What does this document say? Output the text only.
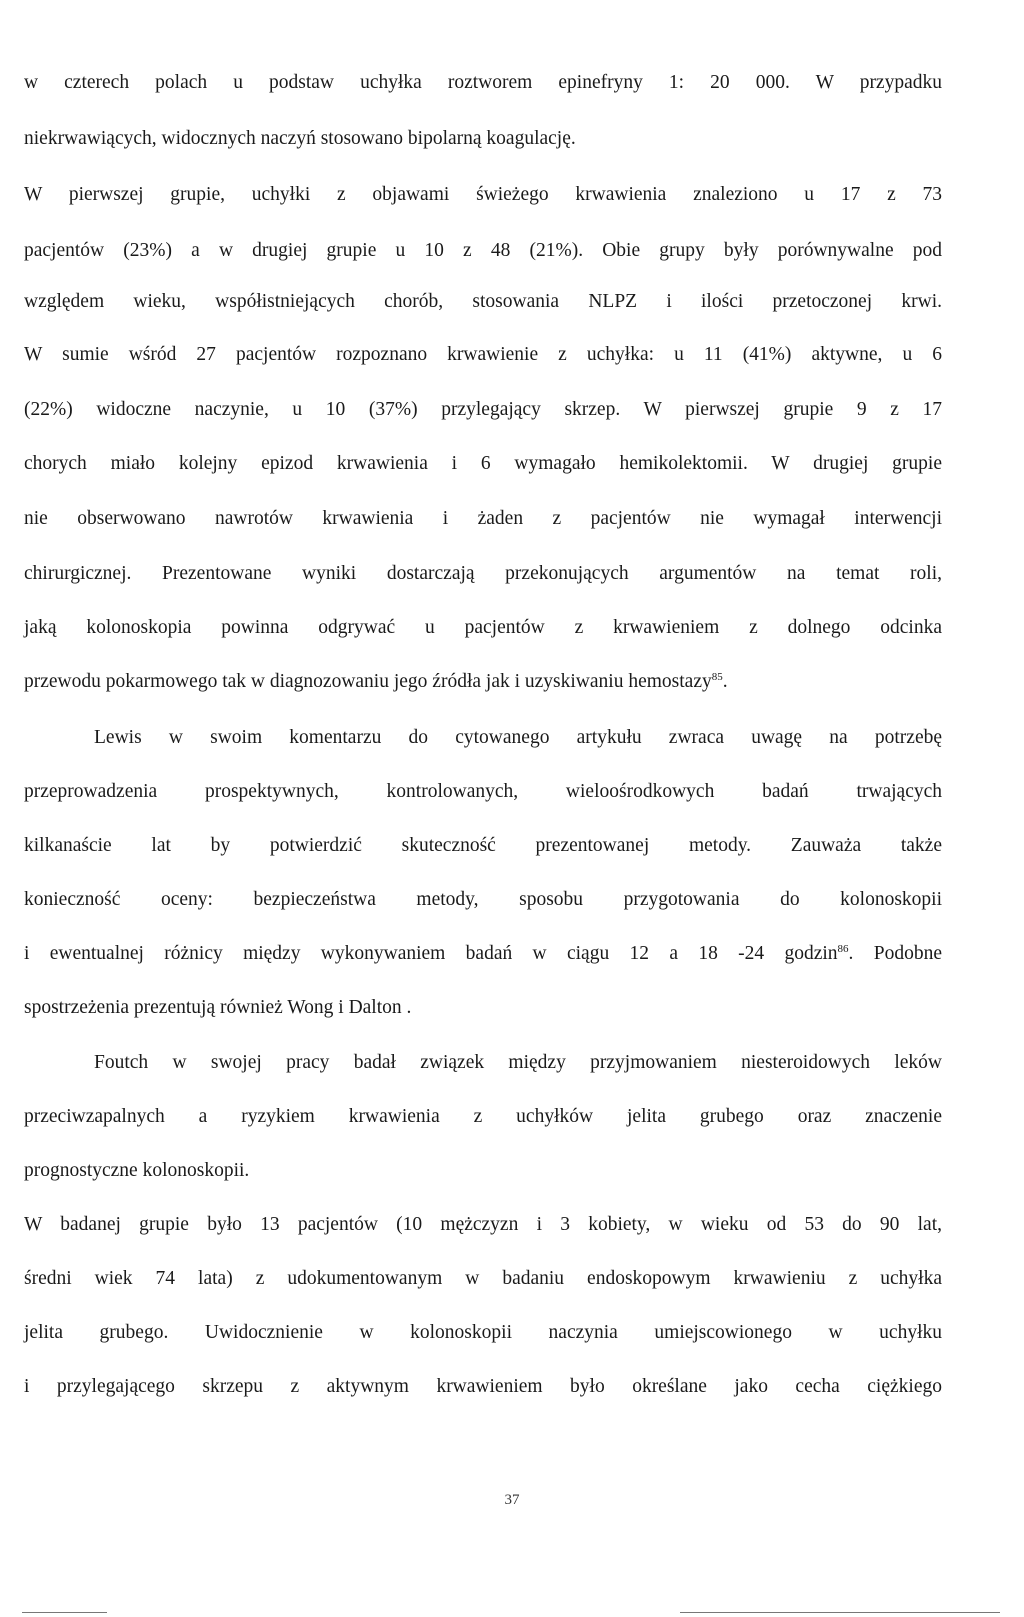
w czterech polach u podstaw uchyłka roztworem epinefryny 1: 20 000. W przypadku
niekrwawiących, widocznych naczyń stosowano bipolarną koagulację.
W pierwszej grupie, uchyłki z objawami świeżego krwawienia znaleziono u 17 z 73
pacjentów (23%) a w drugiej grupie u 10 z 48 (21%). Obie grupy były porównywalne pod
względem wieku, współistniejących chorób, stosowania NLPZ i ilości przetoczonej krwi.
W sumie wśród 27 pacjentów rozpoznano krwawienie z uchyłka: u 11 (41%) aktywne, u 6
(22%) widoczne naczynie, u 10 (37%) przylegający skrzep. W pierwszej grupie 9 z 17
chorych miało kolejny epizod krwawienia i 6 wymagało hemikolektomii. W drugiej grupie
nie obserwowano nawrotów krwawienia i żaden z pacjentów nie wymagał interwencji
chirurgicznej. Prezentowane wyniki dostarczają przekonujących argumentów na temat roli,
jaką kolonoskopia powinna odgrywać u pacjentów z krwawieniem z dolnego odcinka
przewodu pokarmowego tak w diagnozowaniu jego źródła jak i uzyskiwaniu hemostazy$^{85}$.
Lewis w swoim komentarzu do cytowanego artykułu zwraca uwagę na potrzebę
przeprowadzenia prospektywnych, kontrolowanych, wieloośrodkowych badań trwających
kilkanaście lat by potwierdzić skuteczność prezentowanej metody. Zauważa także
konieczność oceny: bezpieczeństwa metody, sposobu przygotowania do kolonoskopii
i ewentualnej różnicy między wykonywaniem badań w ciągu 12 a 18 -24 godzin$^{86}$. Podobne
spostrzeżenia prezentują również Wong i Dalton .
Foutch w swojej pracy badał związek między przyjmowaniem niesteroidowych leków
przeciwzapalnych a ryzykiem krwawienia z uchyłków jelita grubego oraz znaczenie
prognostyczne kolonoskopii.
W badanej grupie było 13 pacjentów (10 mężczyzn i 3 kobiety, w wieku od 53 do 90 lat,
średni wiek 74 lata) z udokumentowanym w badaniu endoskopowym krwawieniu z uchyłka
jelita grubego. Uwidocznienie w kolonoskopii naczynia umiejscowionego w uchyłku
i przylegającego skrzepu z aktywnym krwawieniem było określane jako cecha ciężkiego
37
